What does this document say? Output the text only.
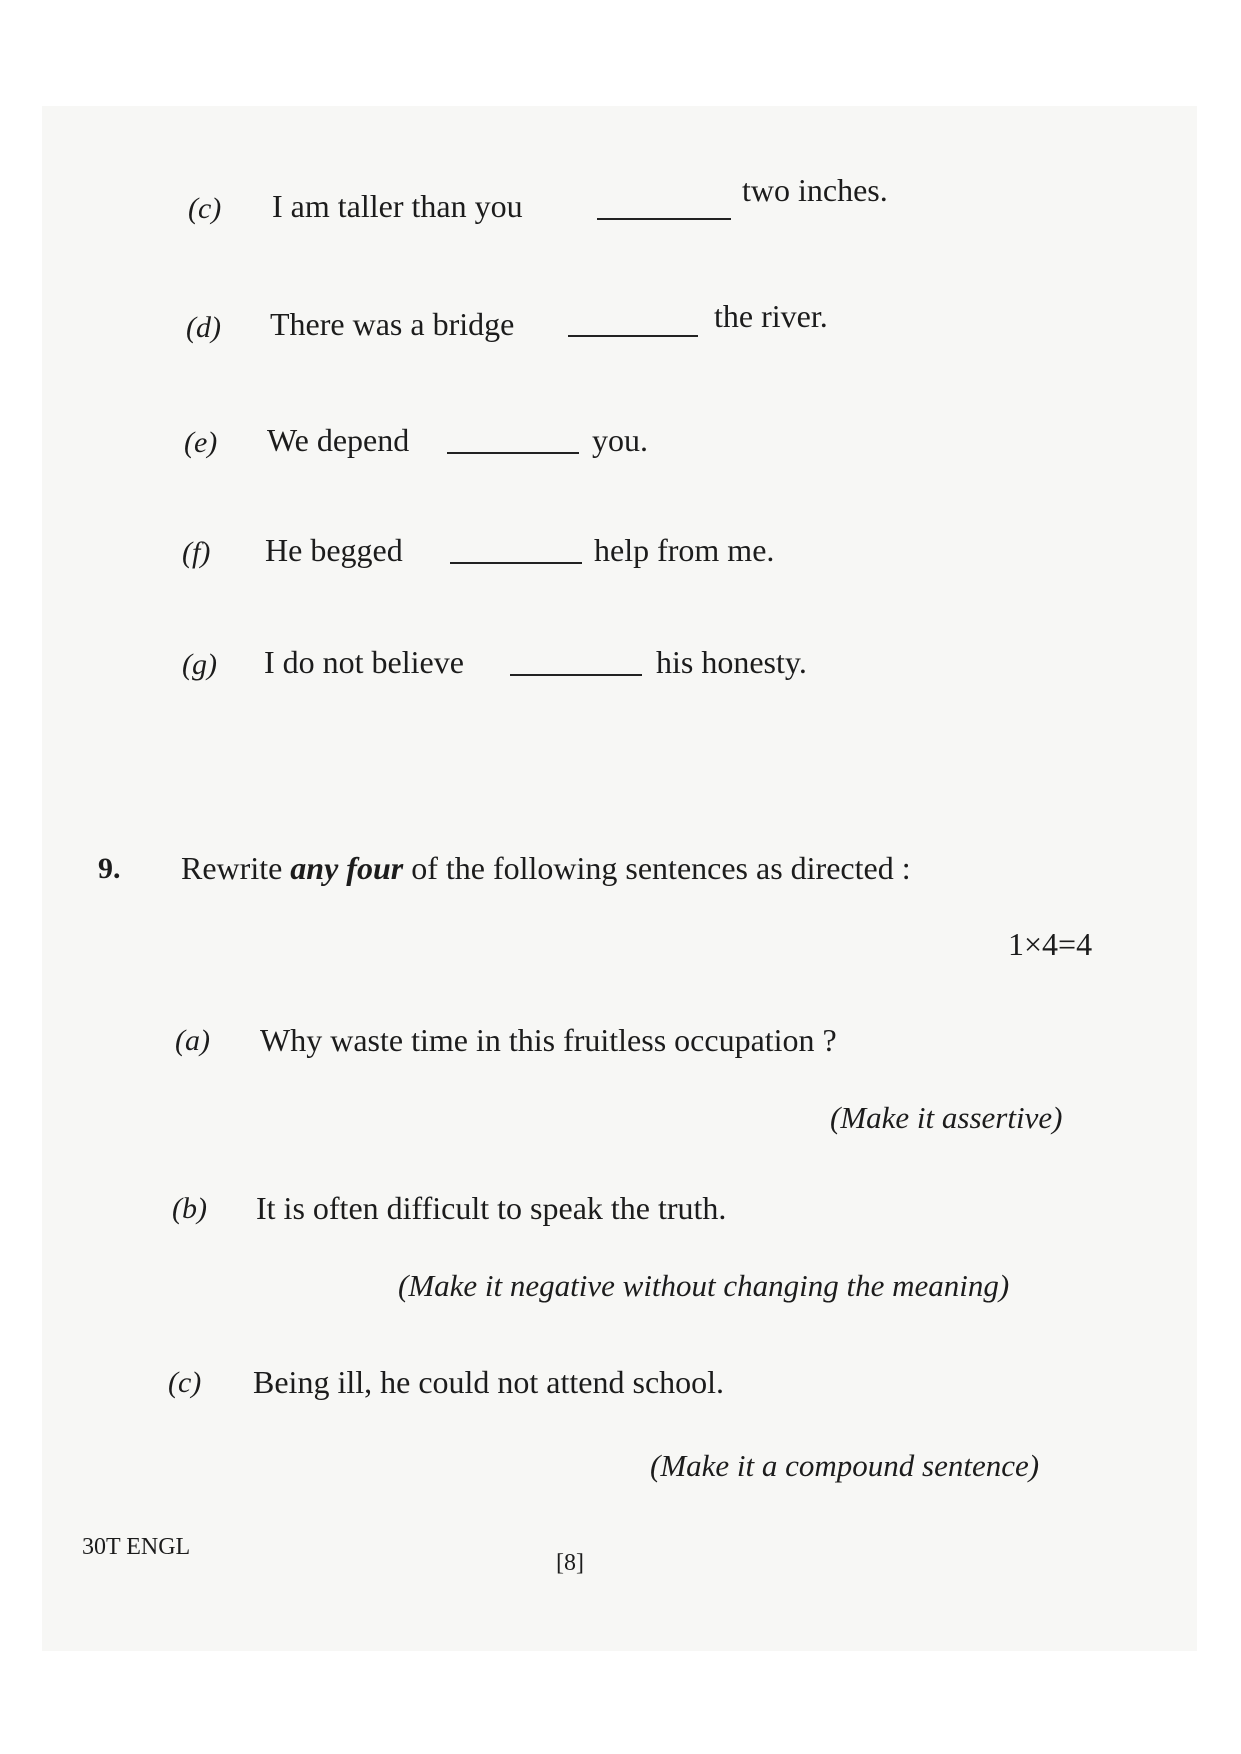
(c) I am taller than you	two inches.
(d) There was a bridge	the river.
(e) We depend	you.
(f) He begged	help from me.
(g) I do not believe	his honesty.
9. Rewrite any four of the following sentences as directed :
1×4=4
(a) Why waste time in this fruitless occupation ?
(Make it assertive)
(b) It is often difficult to speak the truth.
(Make it negative without changing the meaning)
(c) Being ill, he could not attend school.
(Make it a compound sentence)
30T ENGL
[8]
